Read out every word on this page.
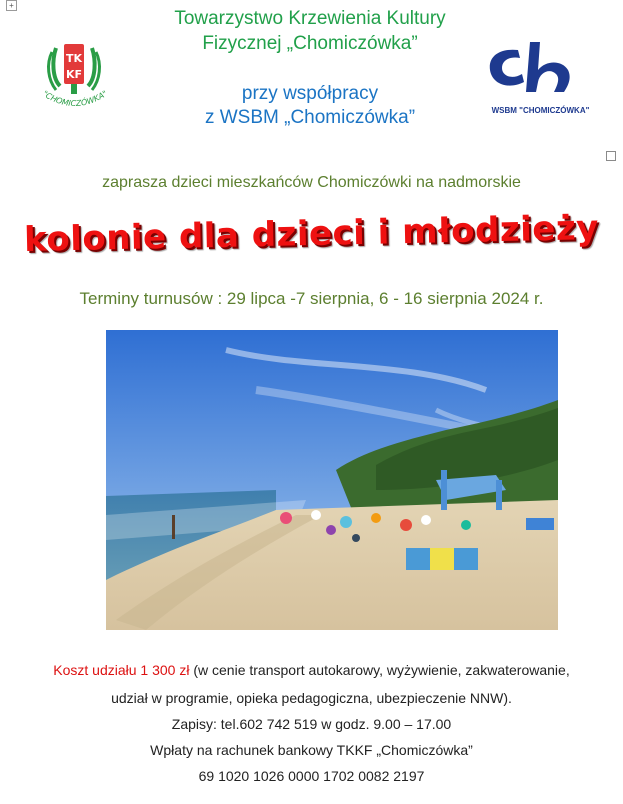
+
TK
KF
"CHOMICZÓWKA"
Towarzystwo Krzewienia Kultury
Fizycznej „Chomiczówka”
przy współpracy
z WSBM „Chomiczówka”	WSBM "CHOMICZÓWKA"
zaprasza dzieci mieszkańców Chomiczówki na nadmorskie
kolonie dla dzieci i młodzieży
Terminy turnusów : 29 lipca -7 sierpnia, 6 - 16 sierpnia 2024 r.
Koszt udziału 1 300 zł (w cenie transport autokarowy, wyżywienie, zakwaterowanie,
udział w programie, opieka pedagogiczna, ubezpieczenie NNW).
Zapisy: tel.602 742 519 w godz. 9.00 – 17.00
Wpłaty na rachunek bankowy TKKF „Chomiczówka”
69 1020 1026 0000 1702 0082 2197
